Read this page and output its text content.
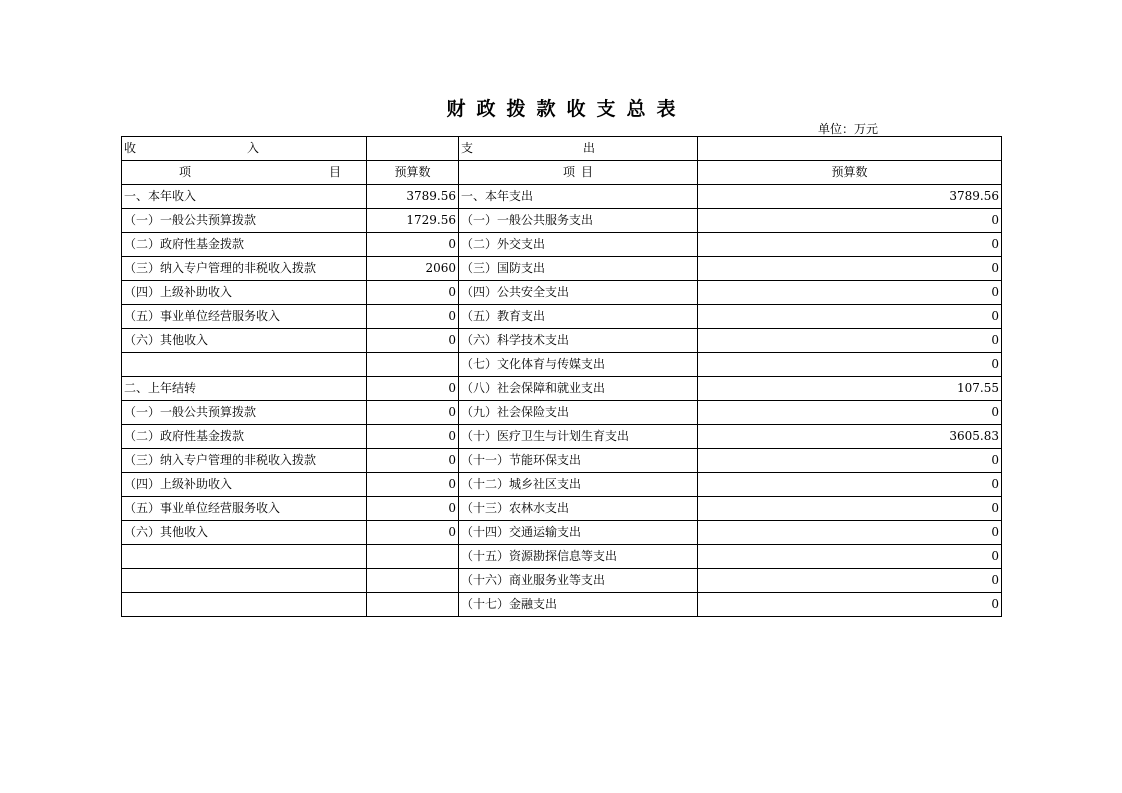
财政拨款收支总表
单位：万元
收 入		支 出	

项 目	预算数	项 目	预算数
一、本年收入	3789.56	一、本年支出	3789.56
（一）一般公共预算拨款	1729.56	（一）一般公共服务支出	0
（二）政府性基金拨款	0	（二）外交支出	0
（三）纳入专户管理的非税收入拨款	2060	（三）国防支出	0
（四）上级补助收入	0	（四）公共安全支出	0
（五）事业单位经营服务收入	0	（五）教育支出	0
（六）其他收入	0	（六）科学技术支出	0
		（七）文化体育与传媒支出	0
二、上年结转	0	（八）社会保障和就业支出	107.55
（一）一般公共预算拨款	0	（九）社会保险支出	0
（二）政府性基金拨款	0	（十）医疗卫生与计划生育支出	3605.83
（三）纳入专户管理的非税收入拨款	0	（十一）节能环保支出	0
（四）上级补助收入	0	（十二）城乡社区支出	0
（五）事业单位经营服务收入	0	（十三）农林水支出	0
（六）其他收入	0	（十四）交通运输支出	0
		（十五）资源勘探信息等支出	0
		（十六）商业服务业等支出	0
		（十七）金融支出	0
